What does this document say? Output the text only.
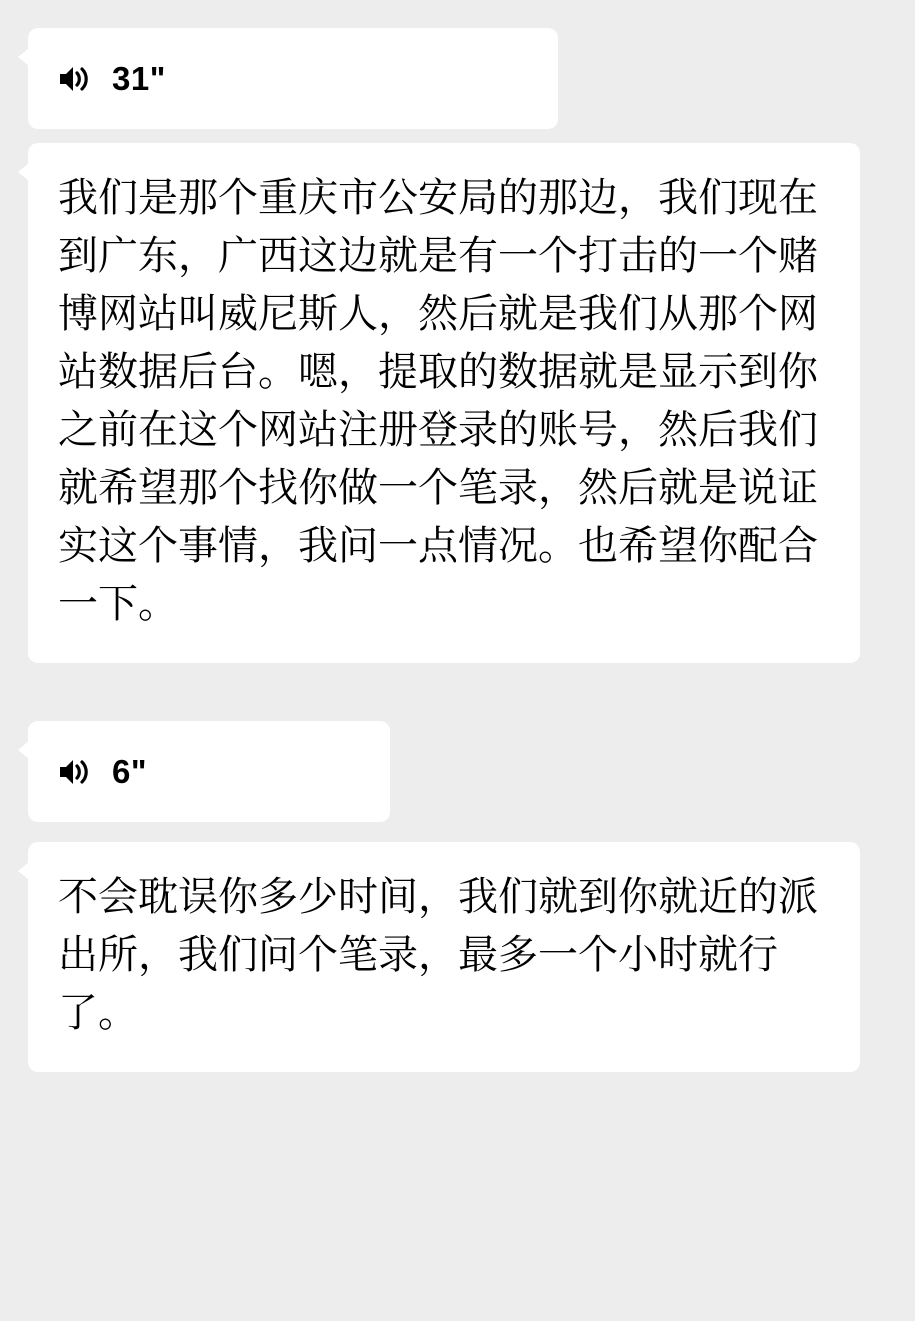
31"
我们是那个重庆市公安局的那边，我们现在到广东，广西这边就是有一个打击的一个赌博网站叫威尼斯人，然后就是我们从那个网站数据后台。嗯，提取的数据就是显示到你之前在这个网站注册登录的账号，然后我们就希望那个找你做一个笔录，然后就是说证实这个事情，我问一点情况。也希望你配合一下。
6"
不会耽误你多少时间，我们就到你就近的派出所，我们问个笔录，最多一个小时就行了。
